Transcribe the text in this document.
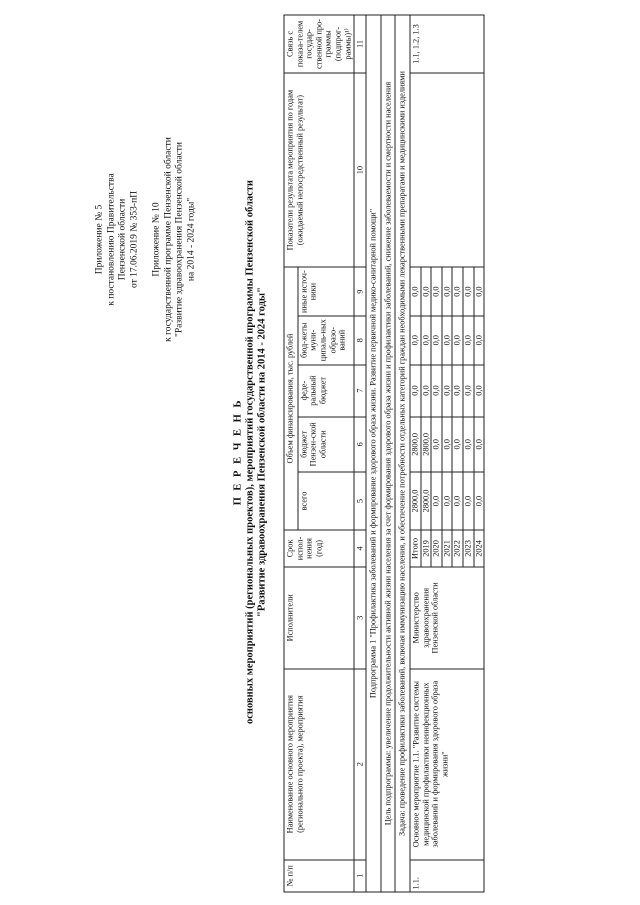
Приложение № 5 к постановлению Правительства Пензенской области от 17.06.2019 № 353-пП Приложение № 10 к государственной программе Пензенской области "Развитие здравоохранения Пензенской области на 2014 - 2024 годы"
П Е Р Е Ч Е Н Ь основных мероприятий (региональных проектов), мероприятий государственной программы Пензенской области "Развитие здравоохранения Пензенской области на 2014 - 2024 годы"
№ п/п	Наименование основного мероприятия (регионального проекта), мероприятия	Исполнители	Срок испол-нения (год)	Объем финансирования, тыс. рублей					Показатели результата мероприятия по годам (ожидаемый непосредственный результат)	Связь с показа-телем государ-ственной про-граммы (подпрог-раммы)¹⁾
				всего	бюджет Пензен-ской области	феде-ральный бюджет	бюд-жеты муни-ципаль-ных образо-ваний	иные источ-ники		
1	2	3	4	5	6	7	8	9	10	11
Подпрограмма 1 "Профилактика заболеваний и формирование здорового образа жизни. Развитие первичной медико-санитарной помощи"										
Цель подпрограммы: увеличение продолжительности активной жизни населения за счет формирования здорового образа жизни и профилактики заболеваний, снижение заболеваемости и смертности населения										
Задача: проведение профилактики заболеваний, включая иммунизацию населения, и обеспечение потребности отдельных категорий граждан необходимыми лекарственными препаратами и медицинскими изделиями										
1.1.	Основное мероприятие 1.1. "Развитие системы медицинской профилактики неинфекционных заболеваний и формирования здорового образа жизни"	Министерство здравоохранения Пензенской области	Итого	2800,0	2800,0	0,0	0,0	0,0		1.1, 1.2, 1.3
			2019	2800,0	2800,0	0,0	0,0	0,0		
			2020	0,0	0,0	0,0	0,0	0,0		
			2021	0,0	0,0	0,0	0,0	0,0		
			2022	0,0	0,0	0,0	0,0	0,0		
			2023	0,0	0,0	0,0	0,0	0,0		
			2024	0,0	0,0	0,0	0,0	0,0		
